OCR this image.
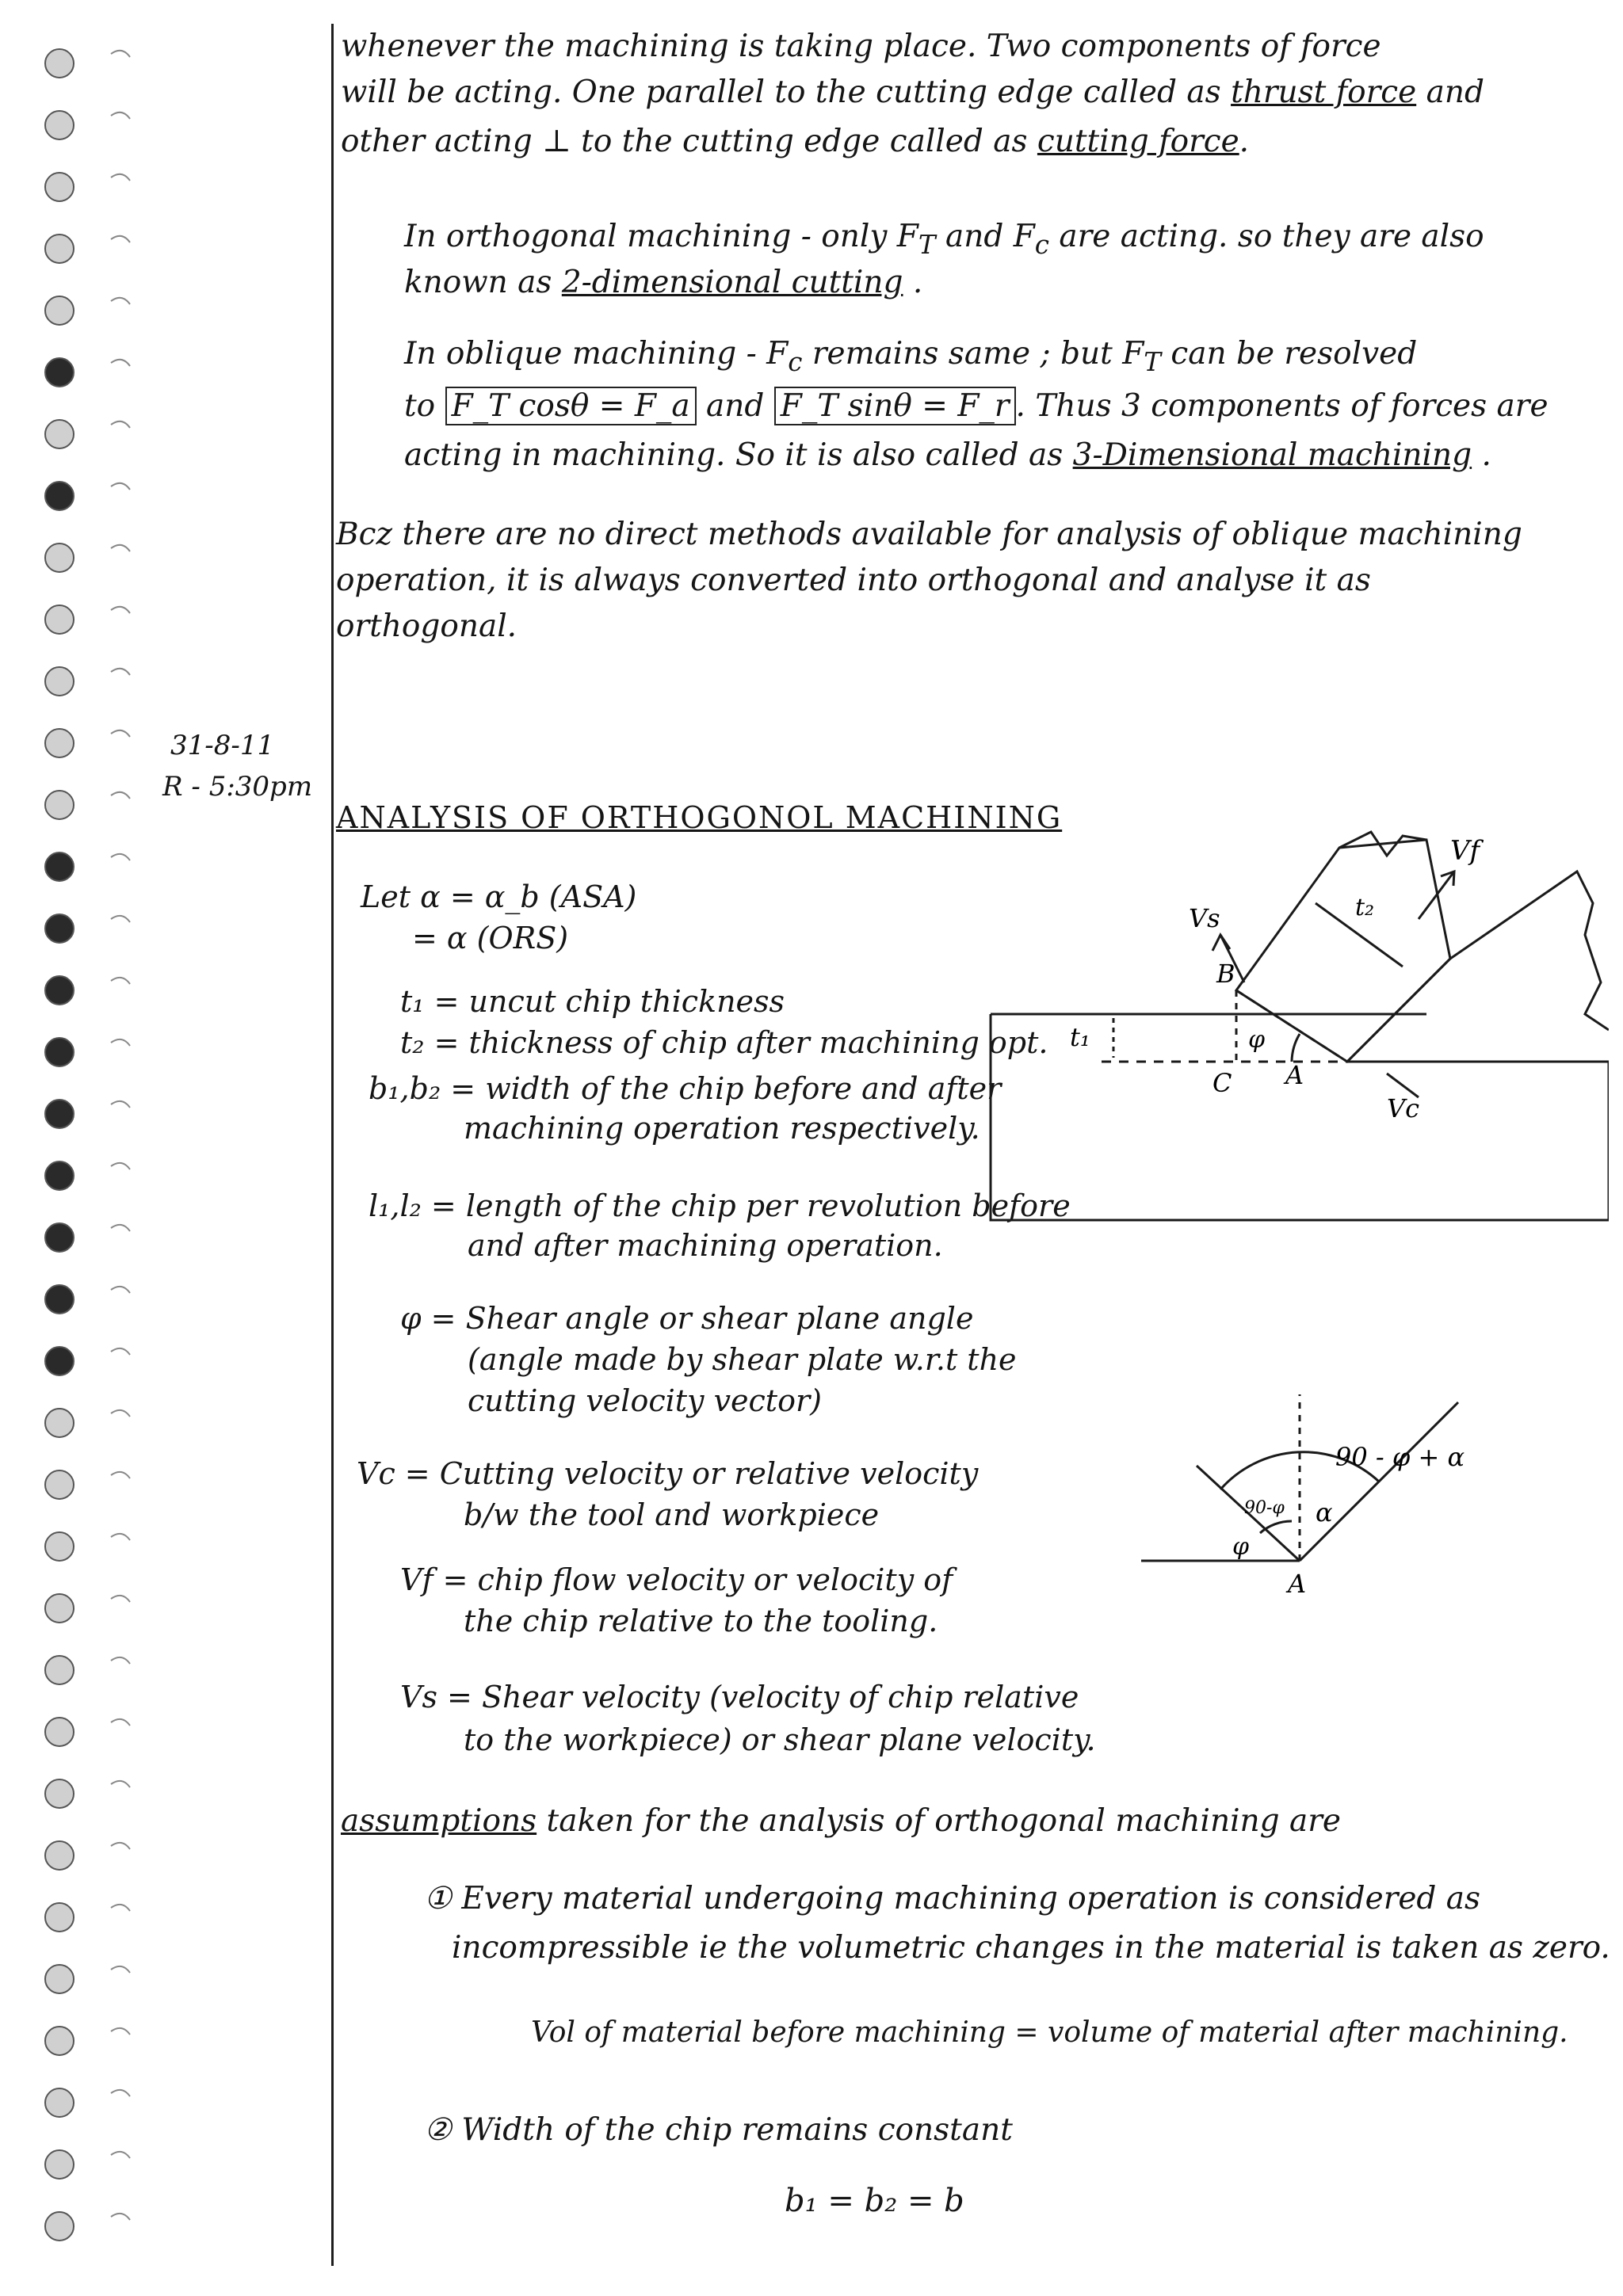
31-8-11
R - 5:30pm
whenever the machining is taking place. Two components of force
will be acting. One parallel to the cutting edge called as thrust force and
other acting ⊥ to the cutting edge called as cutting force.
In orthogonal machining - only $F_T$ and $F_c$ are acting. so they are also
known as 2-dimensional cutting .
In oblique machining - $F_c$ remains same ; but $F_T$ can be resolved
to F_T cosθ = F_a and F_T sinθ = F_r . Thus 3 components of forces are
acting in machining. So it is also called as 3-Dimensional machining .
Bcz there are no direct methods available for analysis of oblique machining
operation, it is always converted into orthogonal and analyse it as
orthogonal.
ANALYSIS OF ORTHOGONOL MACHINING
Let α = α_b (ASA)
= α (ORS)
t₁ = uncut chip thickness
t₂ = thickness of chip after machining opt.
b₁,b₂ = width of the chip before and after
machining operation respectively.
l₁,l₂ = length of the chip per revolution before
and after machining operation.
φ = Shear angle or shear plane angle
(angle made by shear plate w.r.t the
cutting velocity vector)
Vc = Cutting velocity or relative velocity
b/w the tool and workpiece
Vf = chip flow velocity or velocity of
the chip relative to the tooling.
Vs = Shear velocity (velocity of chip relative
to the workpiece) or shear plane velocity.
Vf
Vs
B
t₁
t₂
φ
C A
Vc
90 - φ + α
90-φ α
φ
A
assumptions taken for the analysis of orthogonal machining are
① Every material undergoing machining operation is considered as
incompressible ie the volumetric changes in the material is taken as zero.
Vol of material before machining = volume of material after machining.
② Width of the chip remains constant
b₁ = b₂ = b
